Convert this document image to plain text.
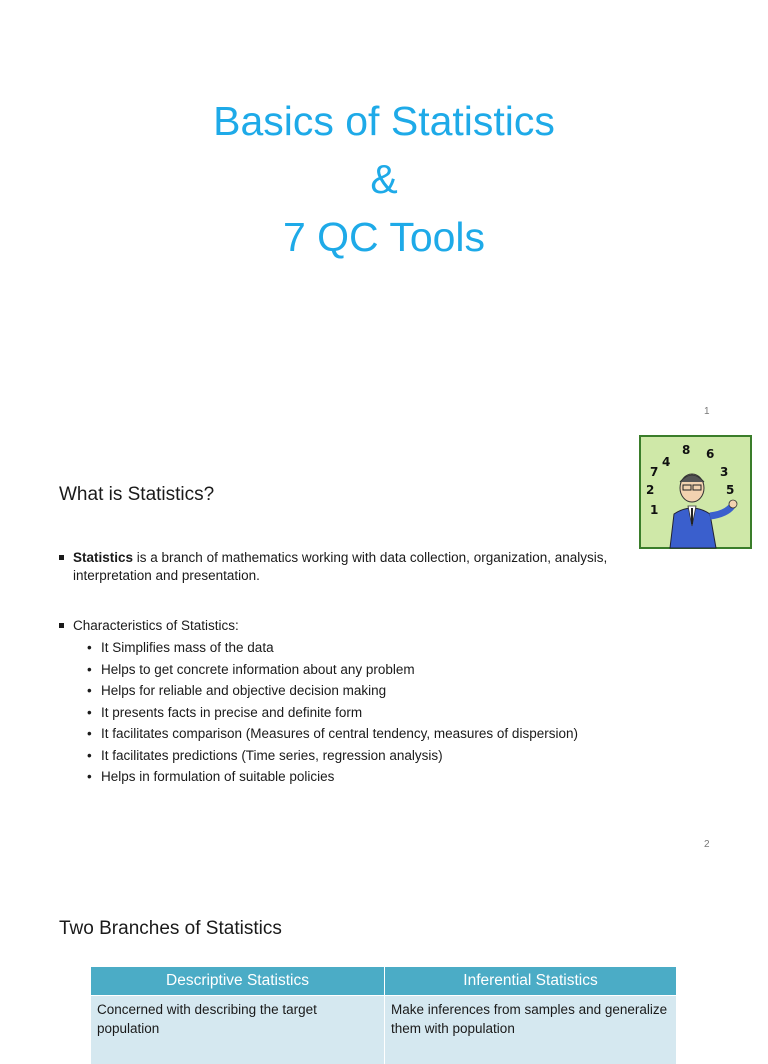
Basics of Statistics
&
7 QC Tools
1
What is Statistics?
4
8 6
3
5
7
2
1
Statistics is a branch of mathematics working with data collection, organization, analysis, interpretation and presentation.
Characteristics of Statistics:
• It Simplifies mass of the data
• Helps to get concrete information about any problem
• Helps for reliable and objective decision making
• It presents facts in precise and definite form
• It facilitates comparison (Measures of central tendency, measures of dispersion)
• It facilitates predictions (Time series, regression analysis)
• Helps in formulation of suitable policies
2
Two Branches of Statistics
Descriptive Statistics	Inferential Statistics
Concerned with describing the target population	Make inferences from samples and generalize them with population
